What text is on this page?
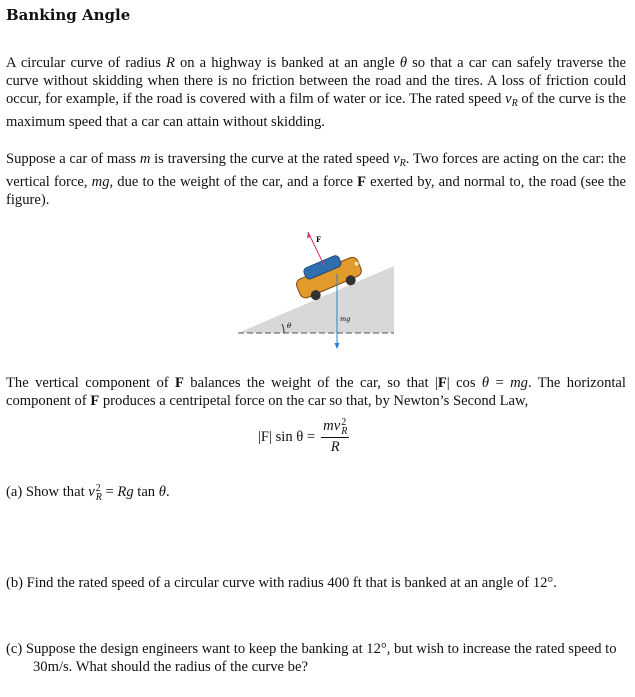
Banking Angle
A circular curve of radius R on a highway is banked at an angle θ so that a car can safely traverse the curve without skidding when there is no friction between the road and the tires. A loss of friction could occur, for example, if the road is covered with a film of water or ice. The rated speed $v_R$ of the curve is the maximum speed that a car can attain without skidding.
Suppose a car of mass m is traversing the curve at the rated speed $v_R$. Two forces are acting on the car: the vertical force, mg, due to the weight of the car, and a force F exerted by, and normal to, the road (see the figure).
θ
F
mg
The vertical component of F balances the weight of the car, so that |F| cos θ = mg. The horizontal component of F produces a centripetal force on the car so that, by Newton’s Second Law,
|F| sin θ = mv 2
R
R
(a) Show that v 2
R = Rg tan θ.
(b) Find the rated speed of a circular curve with radius 400 ft that is banked at an angle of 12°.
(c) Suppose the design engineers want to keep the banking at 12°, but wish to increase the rated speed to 30m/s. What should the radius of the curve be?
